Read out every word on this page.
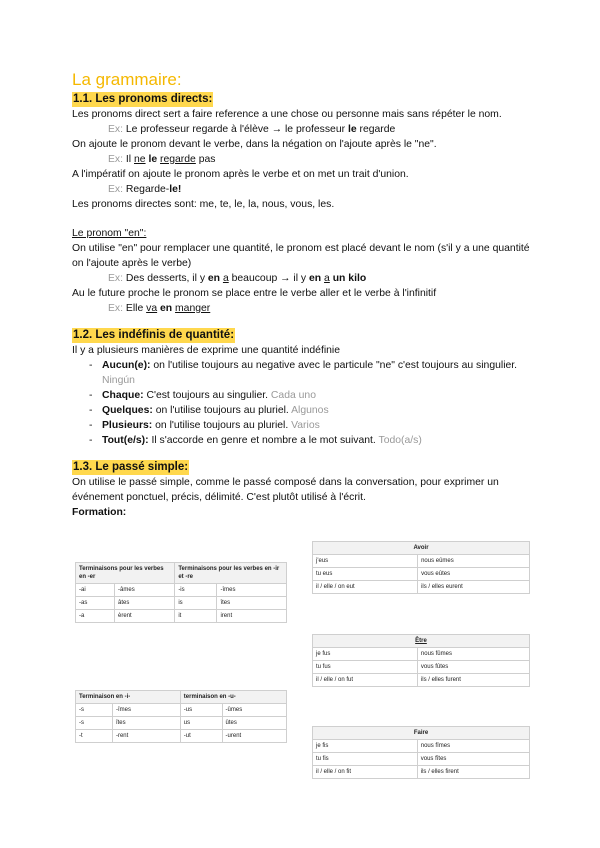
La grammaire:
1.1. Les pronoms directs:

Les pronoms direct sert a faire reference a une chose ou personne mais sans répéter le nom.

Ex: Le professeur regarde à l'élève → le professeur le regarde

On ajoute le pronom devant le verbe, dans la négation on l'ajoute après le "ne".

Ex: Il ne le regarde pas

A l'impératif on ajoute le pronom après le verbe et on met un trait d'union.

Ex: Regarde-le!

Les pronoms directes sont: me, te, le, la, nous, vous, les.

Le pronom "en":

On utilise "en" pour remplacer une quantité, le pronom est placé devant le nom (s'il y a une quantité on l'ajoute après le verbe)

Ex: Des desserts, il y en a beaucoup → il y en a un kilo

Au le future proche le pronom se place entre le verbe aller et le verbe à l'infinitif

Ex: Elle va en manger

1.2. Les indéfinis de quantité:

Il y a plusieurs manières de exprime une quantité indéfinie

- Aucun(e): on l'utilise toujours au negative avec le particule "ne" c'est toujours au singulier. Ningún
- Chaque: C'est toujours au singulier. Cada uno
- Quelques: on l'utilise toujours au pluriel. Algunos
- Plusieurs: on l'utilise toujours au pluriel. Varios
- Tout(e/s): Il s'accorde en genre et nombre a le mot suivant. Todo(a/s)
1.3. Le passé simple:

On utilise le passé simple, comme le passé composé dans la conversation, pour exprimer un événement ponctuel, précis, délimité. C'est plutôt utilisé à l'écrit.

Formation:

Terminaisons pour les verbes en -er		Terminaisons pour les verbes en -ir et -re	
-ai	-âmes	-is	-îmes
-as	âtes	is	îtes
-a	èrent	it	irent
Terminaison en -i-		terminaison en -u-	
-s	-îmes	-us	-ûmes
-s	îtes	us	ûtes
-t	-rent	-ut	-urent
Avoir	
j'eus	nous eûmes
tu eus	vous eûtes
il / elle / on eut	ils / elles eurent
Être	
je fus	nous fûmes
tu fus	vous fûtes
il / elle / on fut	ils / elles furent
Faire	
je fis	nous fîmes
tu fis	vous fîtes
il / elle / on fit	ils / elles firent
